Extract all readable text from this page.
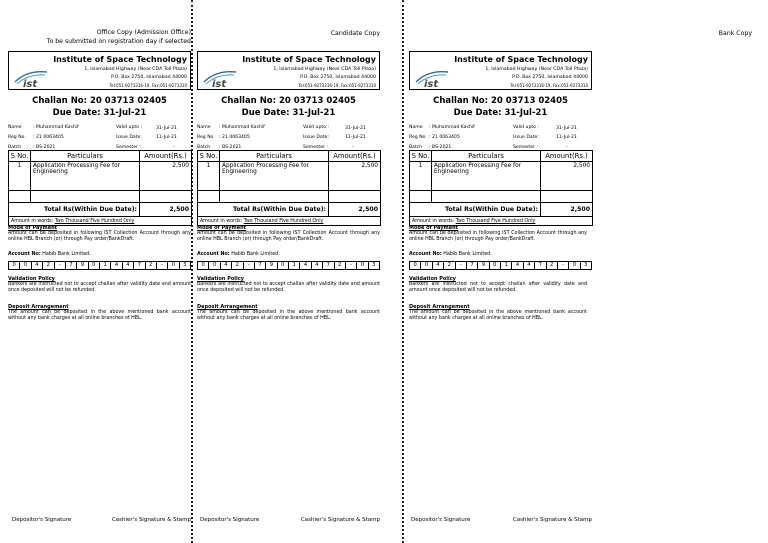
Office Copy (Admission Office)
To be submitted on registration day if selected
Institute of Space Technology
1, Islamabad Highway (Near CDA Toll Plaza)
P.O. Box 2750, Islamabad 44000
Tel:051-9273316-19, Fax:051-9273310
Challan No: 20 03713 02405
Due Date: 31-Jul-21
Name : Muhammad Kashif
Reg No : 21 0063405
Batch	: BS-2021
Valid upto :	31-Jul-21
Issue Date:	11-Jul-21
Semester :	-
S No.	Particulars	Amount(Rs.)
1	Application Processing Fee for Engineering	2,500

Total Rs(Within Due Date):		2,500
Amount in words: Two Thousand Five Hundred Only		
Mode of Payment
Amount can be deposited in following IST Collection Account through any online HBL Branch (or) through Pay order/BankDraft.
Account No: Habib Bank Limited.
0	0	4	2	-	7	9	0	1	4	4	7	2	-	0	3
Validation Policy
Bankers are instructed not to accept challan after validity date and amount once deposited will not be refunded.
Deposit Arrangement
The amount can be deposited in the above mentioned bank account without any bank charges at all online branches of HBL.
Depositor's Signature	Cashier's Signature & Stamp
Candidate Copy
Institute of Space Technology
1, Islamabad Highway (Near CDA Toll Plaza)
P.O. Box 2750, Islamabad 44000
Tel:051-9273316-19, Fax:051-9273310
Challan No: 20 03713 02405
Due Date: 31-Jul-21
Name : Muhammad Kashif
Reg No : 21 0063405
Batch : BS-2021
Valid upto :	31-Jul-21
Issue Date:	11-Jul-21
Semester :	-
S No.	Particulars	Amount(Rs.)
1	Application Processing Fee for Engineering	2,500

Total Rs(Within Due Date):		2,500
Amount in words: Two Thousand Five Hundred Only		
Mode of Payment
Amount can be deposited in following IST Collection Account through any online HBL Branch (or) through Pay order/BankDraft.
Account No: Habib Bank Limited.
0	0	4	2	-	7	9	0	1	4	4	7	2	-	0	3
Validation Policy
Bankers are instructed not to accept challan after validity date and amount once deposited will not be refunded.
Deposit Arrangement
The amount can be deposited in the above mentioned bank account without any bank charges at all online branches of HBL.
Depositor's Signature	Cashier's Signature & Stamp
Bank Copy
Institute of Space Technology
1, Islamabad Highway (Near CDA Toll Plaza)
P.O. Box 2750, Islamabad 44000
Tel:051-9273316-19, Fax:051-9273310
Challan No: 20 03713 02405
Due Date: 31-Jul-21
Name : Muhammad Kashif
Reg No : 21 0063405
Batch : BS-2021
Valid upto :	31-Jul-21
Issue Date:	11-Jul-21
Semester :	-
S No.	Particulars	Amount(Rs.)
1	Application Processing Fee for Engineering	2,500

Total Rs(Within Due Date):		2,500
Amount in words: Two Thousand Five Hundred Only		
Mode of Payment
Amount can be deposited in following IST Collection Account through any online HBL Branch (or) through Pay order/BankDraft.
Account No: Habib Bank Limited.
0	0	4	2	-	7	9	0	1	4	4	7	2	-	0	3
Validation Policy
Bankers are instructed not to accept challan after validity date and amount once deposited will not be refunded.
Deposit Arrangement
The amount can be deposited in the above mentioned bank account without any bank charges at all online branches of HBL.
Depositor's Signature	Cashier's Signature & Stamp
